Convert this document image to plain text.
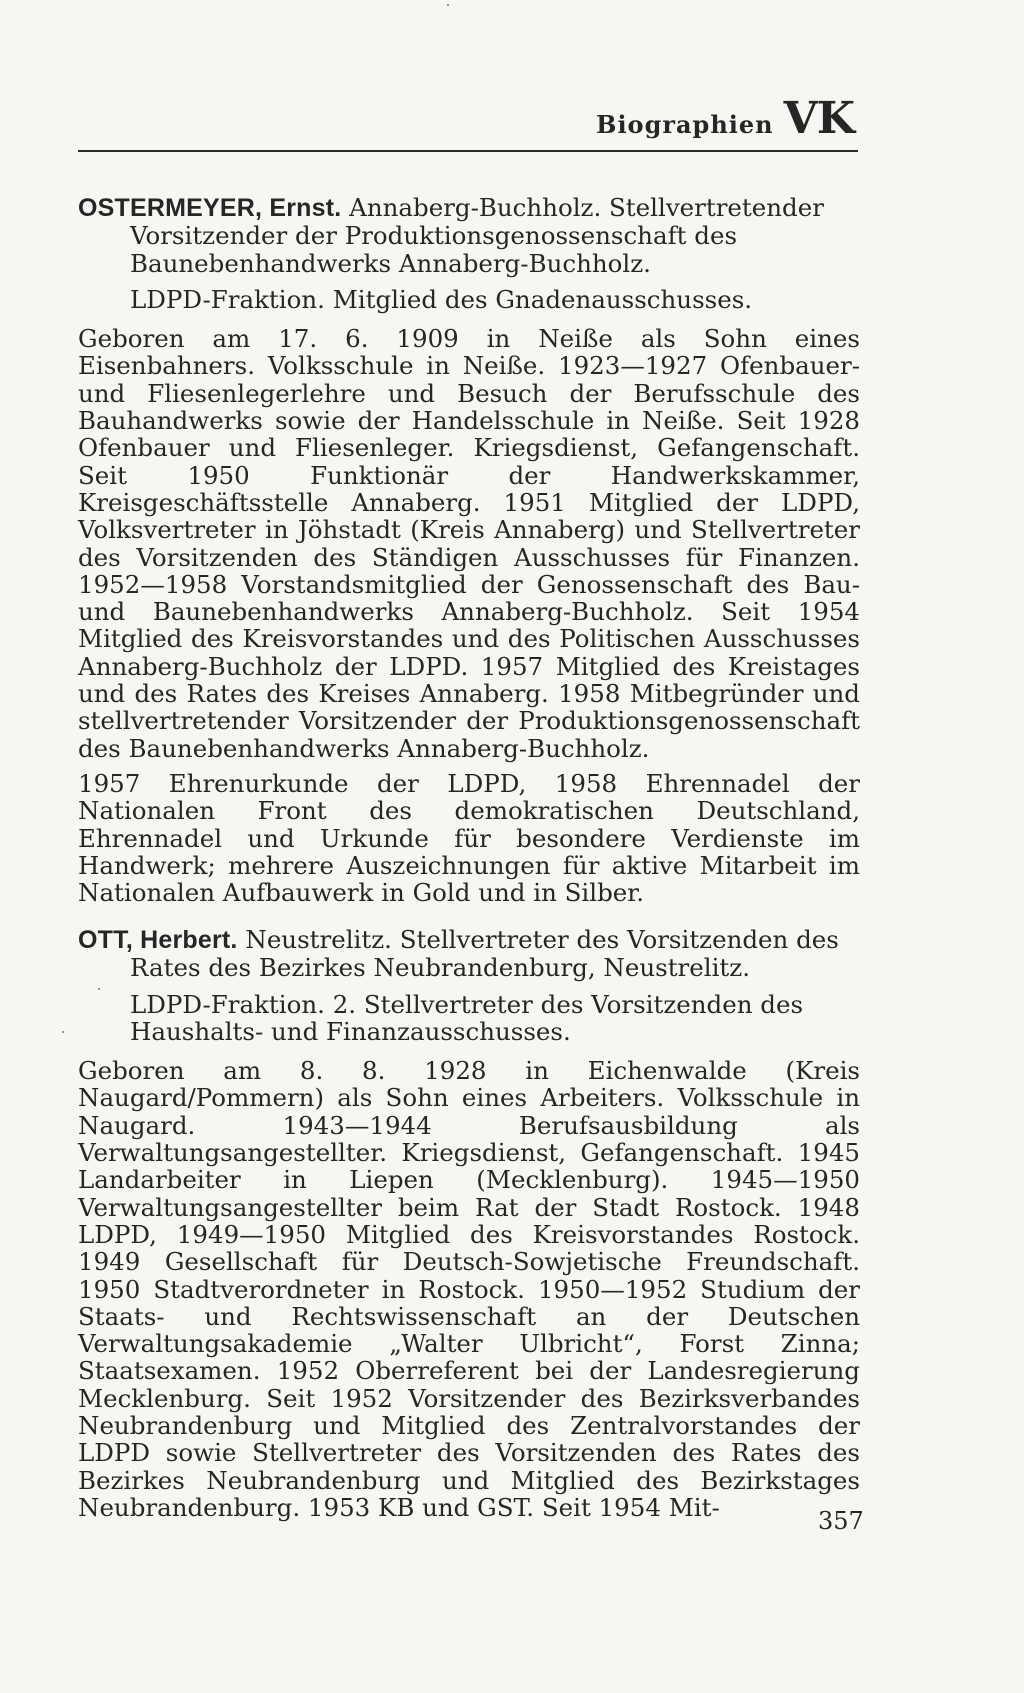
Biographien VK

OSTERMEYER, Ernst. Annaberg-Buchholz. Stellvertretender Vorsitzender der Produktionsgenossenschaft des Baunebenhandwerks Annaberg-Buchholz.

LDPD-Fraktion. Mitglied des Gnadenausschusses.

Geboren am 17. 6. 1909 in Neiße als Sohn eines Eisenbahners. Volksschule in Neiße. 1923—1927 Ofenbauer- und Fliesenlegerlehre und Besuch der Berufsschule des Bauhandwerks sowie der Handelsschule in Neiße. Seit 1928 Ofenbauer und Fliesenleger. Kriegsdienst, Gefangenschaft. Seit 1950 Funktionär der Handwerkskammer, Kreisgeschäftsstelle Annaberg. 1951 Mitglied der LDPD, Volksvertreter in Jöhstadt (Kreis Annaberg) und Stellvertreter des Vorsitzenden des Ständigen Ausschusses für Finanzen. 1952—1958 Vorstandsmitglied der Genossenschaft des Bau- und Baunebenhandwerks Annaberg-Buchholz. Seit 1954 Mitglied des Kreisvorstandes und des Politischen Ausschusses Annaberg-Buchholz der LDPD. 1957 Mitglied des Kreistages und des Rates des Kreises Annaberg. 1958 Mitbegründer und stellvertretender Vorsitzender der Produktionsgenossenschaft des Baunebenhandwerks Annaberg-Buchholz.

1957 Ehrenurkunde der LDPD, 1958 Ehrennadel der Nationalen Front des demokratischen Deutschland, Ehrennadel und Urkunde für besondere Verdienste im Handwerk; mehrere Auszeichnungen für aktive Mitarbeit im Nationalen Aufbauwerk in Gold und in Silber.

OTT, Herbert. Neustrelitz. Stellvertreter des Vorsitzenden des Rates des Bezirkes Neubrandenburg, Neustrelitz.

LDPD-Fraktion. 2. Stellvertreter des Vorsitzenden des Haushalts- und Finanzausschusses.

Geboren am 8. 8. 1928 in Eichenwalde (Kreis Naugard/Pommern) als Sohn eines Arbeiters. Volksschule in Naugard. 1943—1944 Berufsausbildung als Verwaltungsangestellter. Kriegsdienst, Gefangenschaft. 1945 Landarbeiter in Liepen (Mecklenburg). 1945—1950 Verwaltungsangestellter beim Rat der Stadt Rostock. 1948 LDPD, 1949—1950 Mitglied des Kreisvorstandes Rostock. 1949 Gesellschaft für Deutsch-Sowjetische Freundschaft. 1950 Stadtverordneter in Rostock. 1950—1952 Studium der Staats- und Rechtswissenschaft an der Deutschen Verwaltungsakademie „Walter Ulbricht“, Forst Zinna; Staatsexamen. 1952 Oberreferent bei der Landesregierung Mecklenburg. Seit 1952 Vorsitzender des Bezirksverbandes Neubrandenburg und Mitglied des Zentralvorstandes der LDPD sowie Stellvertreter des Vorsitzenden des Rates des Bezirkes Neubrandenburg und Mitglied des Bezirkstages Neubrandenburg. 1953 KB und GST. Seit 1954 Mit-	357
